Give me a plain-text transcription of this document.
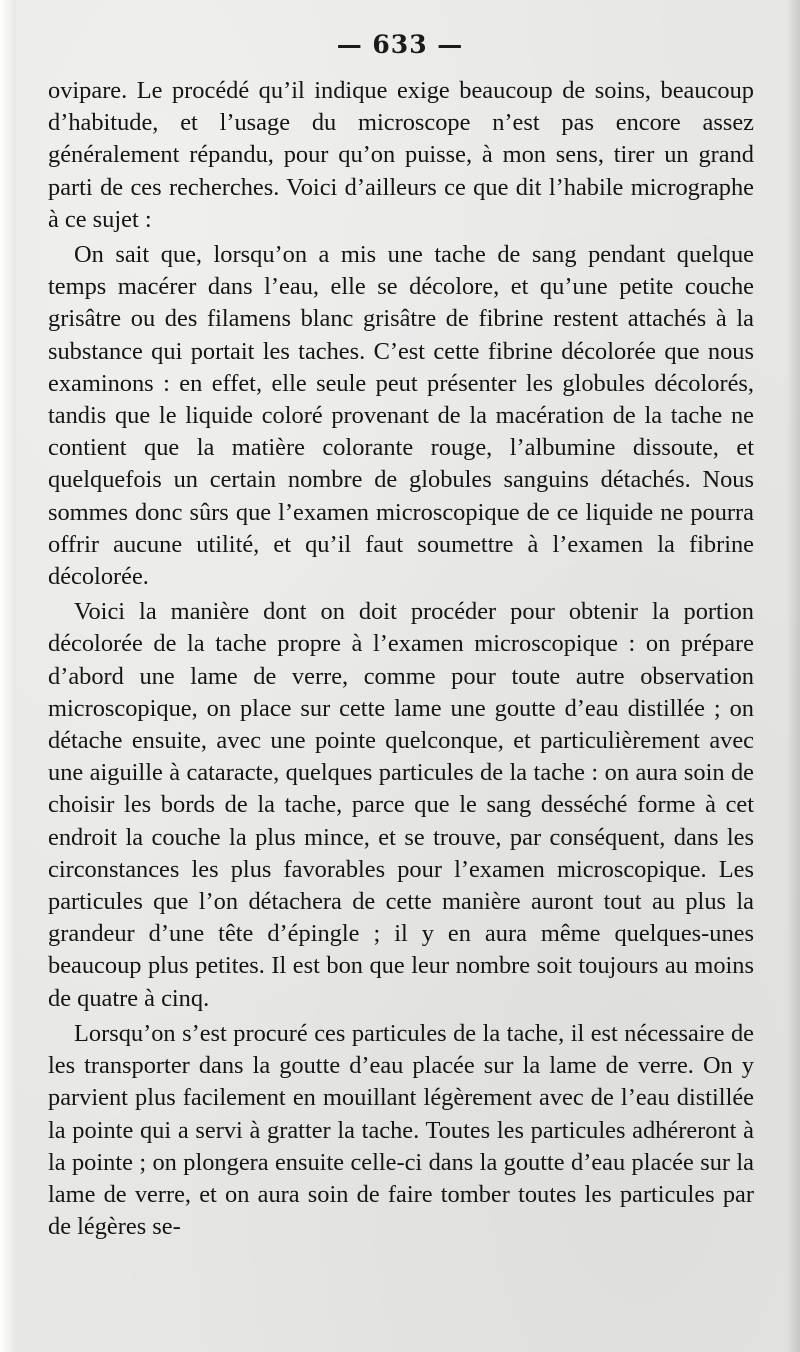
— 633 —

ovipare. Le procédé qu’il indique exige beaucoup de soins, beaucoup d’habitude, et l’usage du microscope n’est pas encore assez généralement répandu, pour qu’on puisse, à mon sens, tirer un grand parti de ces recherches. Voici d’ailleurs ce que dit l’habile micrographe à ce sujet :

On sait que, lorsqu’on a mis une tache de sang pendant quelque temps macérer dans l’eau, elle se décolore, et qu’une petite couche grisâtre ou des filamens blanc grisâtre de fibrine restent attachés à la substance qui portait les taches. C’est cette fibrine décolorée que nous examinons : en effet, elle seule peut présenter les globules décolorés, tandis que le liquide coloré provenant de la macération de la tache ne contient que la matière colorante rouge, l’albumine dissoute, et quelquefois un certain nombre de globules sanguins détachés. Nous sommes donc sûrs que l’examen microscopique de ce liquide ne pourra offrir aucune utilité, et qu’il faut soumettre à l’examen la fibrine décolorée.

Voici la manière dont on doit procéder pour obtenir la portion décolorée de la tache propre à l’examen microscopique : on prépare d’abord une lame de verre, comme pour toute autre observation microscopique, on place sur cette lame une goutte d’eau distillée ; on détache ensuite, avec une pointe quelconque, et particulièrement avec une aiguille à cataracte, quelques particules de la tache : on aura soin de choisir les bords de la tache, parce que le sang desséché forme à cet endroit la couche la plus mince, et se trouve, par conséquent, dans les circonstances les plus favorables pour l’examen microscopique. Les particules que l’on détachera de cette manière auront tout au plus la grandeur d’une tête d’épingle ; il y en aura même quelques-unes beaucoup plus petites. Il est bon que leur nombre soit toujours au moins de quatre à cinq.

Lorsqu’on s’est procuré ces particules de la tache, il est nécessaire de les transporter dans la goutte d’eau placée sur la lame de verre. On y parvient plus facilement en mouillant légèrement avec de l’eau distillée la pointe qui a servi à gratter la tache. Toutes les particules adhéreront à la pointe ; on plongera ensuite celle-ci dans la goutte d’eau placée sur la lame de verre, et on aura soin de faire tomber toutes les particules par de légères se-
